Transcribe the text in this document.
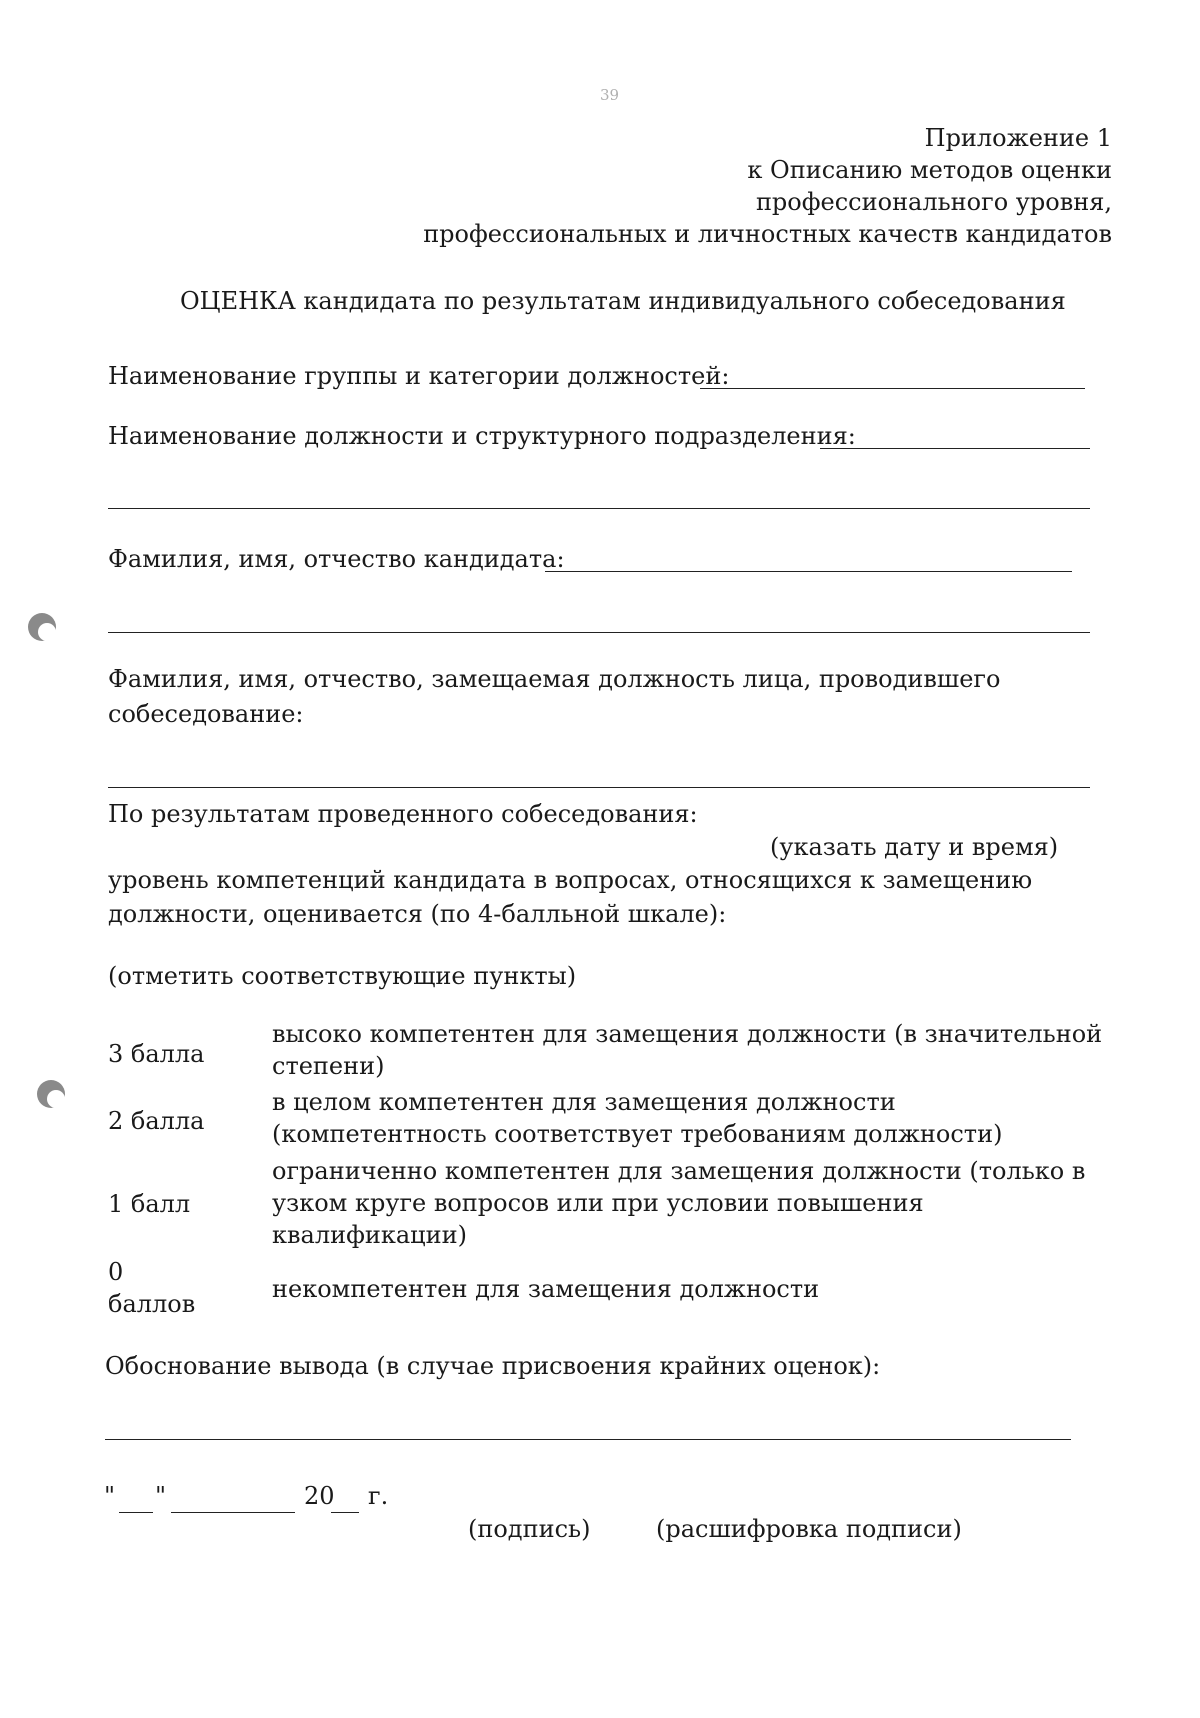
39
Приложение 1
к Описанию методов оценки
профессионального уровня,
профессиональных и личностных качеств кандидатов
ОЦЕНКА кандидата по результатам индивидуального собеседования
Наименование группы и категории должностей:
Наименование должности и структурного подразделения:
Фамилия, имя, отчество кандидата:
Фамилия, имя, отчество, замещаемая должность лица, проводившего
собеседование:
По результатам проведенного собеседования:
(указать дату и время)
уровень компетенций кандидата в вопросах, относящихся к замещению
должности, оценивается (по 4-балльной шкале):
(отметить соответствующие пункты)
3 балла
высоко компетентен для замещения должности (в значительной степени)
2 балла
в целом компетентен для замещения должности (компетентность соответствует требованиям должности)
1 балл
ограниченно компетентен для замещения должности (только в узком круге вопросов или при условии повышения квалификации)
0
баллов
некомпетентен для замещения должности
Обоснование вывода (в случае присвоения крайних оценок):
" "	20 г.
(подпись)	(расшифровка подписи)
